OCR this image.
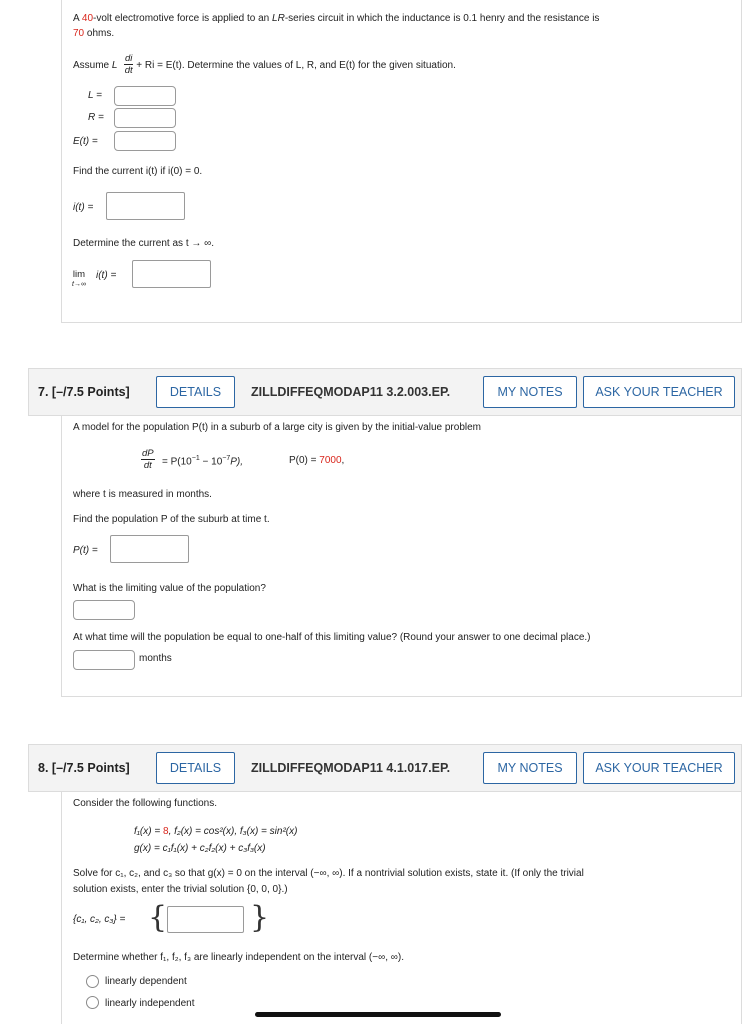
A 40-volt electromotive force is applied to an LR-series circuit in which the inductance is 0.1 henry and the resistance is
70 ohms.
Assume L + Ri = E(t). Determine the values of L, R, and E(t) for the given situation.
$\frac{di}{dt}$
L =
R =
E(t) =
Find the current i(t) if i(0) = 0.
i(t) =
Determine the current as t → ∞.
lim
t→∞
i(t) =
7. [–/7.5 Points]	DETAILS	ZILLDIFFEQMODAP11 3.2.003.EP.	MY NOTES	ASK YOUR TEACHER
A model for the population P(t) in a suburb of a large city is given by the initial-value problem
$\frac{dP}{dt} = P(10^{-1} - 10^{-7}P)$,	P(0) = 7000,
where t is measured in months.
Find the population P of the suburb at time t.
P(t) =
What is the limiting value of the population?
At what time will the population be equal to one-half of this limiting value? (Round your answer to one decimal place.)
months
8. [–/7.5 Points]	DETAILS	ZILLDIFFEQMODAP11 4.1.017.EP.	MY NOTES	ASK YOUR TEACHER
Consider the following functions.
f₁(x) = 8, f₂(x) = cos²(x), f₃(x) = sin²(x)
g(x) = c₁f₁(x) + c₂f₂(x) + c₃f₃(x)
Solve for c₁, c₂, and c₃ so that g(x) = 0 on the interval (−∞, ∞). If a nontrivial solution exists, state it. (If only the trivial
solution exists, enter the trivial solution {0, 0, 0}.)
{c₁, c₂, c₃} = {	}
Determine whether f₁, f₂, f₃ are linearly independent on the interval (−∞, ∞).
linearly dependent
linearly independent
